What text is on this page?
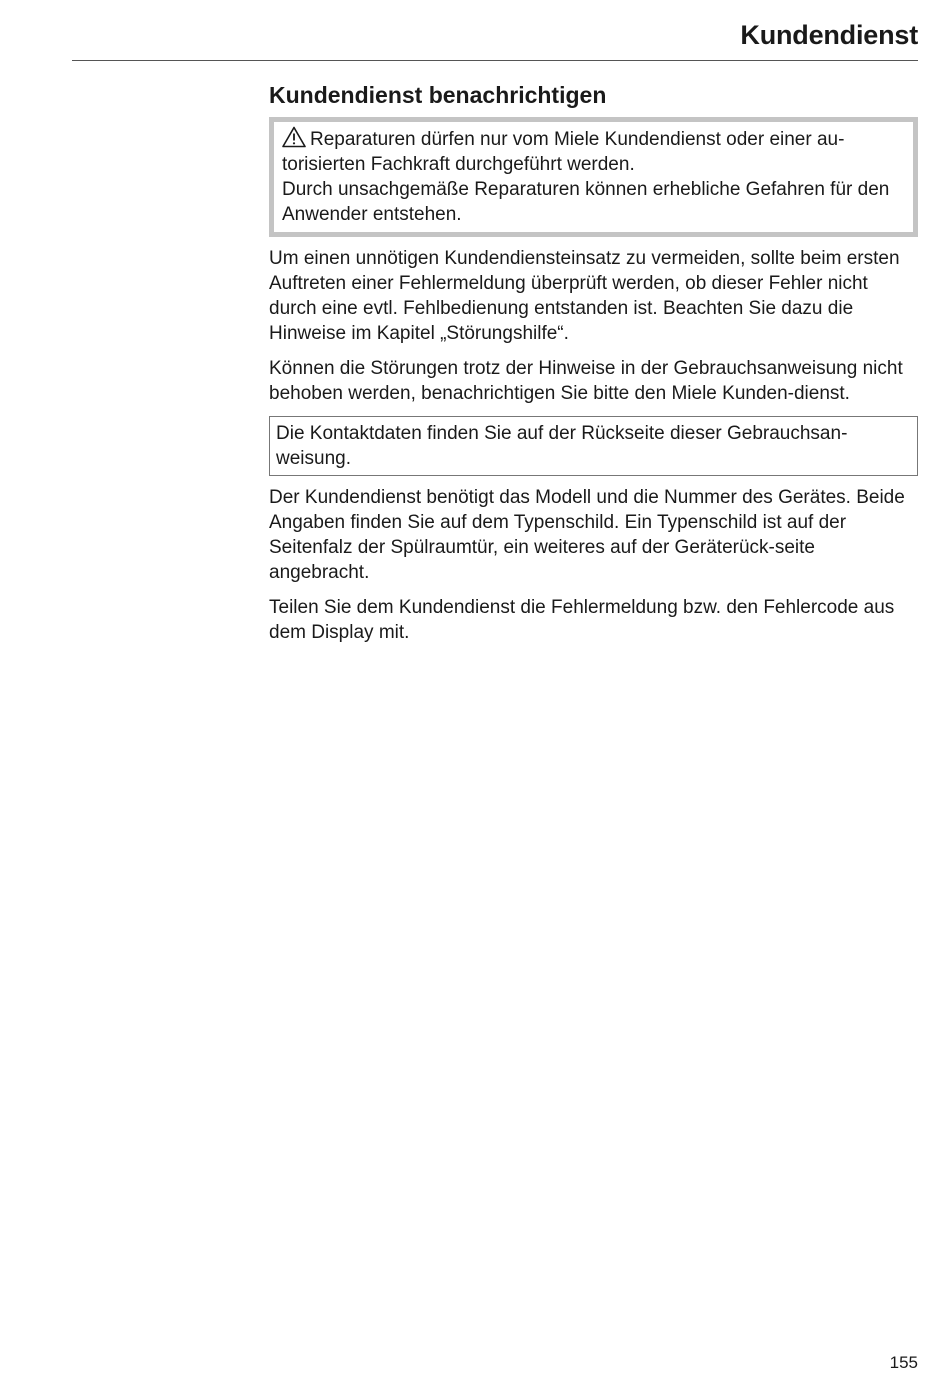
Kundendienst
Kundendienst benachrichtigen

Reparaturen dürfen nur vom Miele Kundendienst oder einer au-torisierten Fachkraft durchgeführt werden.

Durch unsachgemäße Reparaturen können erhebliche Gefahren für den Anwender entstehen.

Um einen unnötigen Kundendiensteinsatz zu vermeiden, sollte beim ersten Auftreten einer Fehlermeldung überprüft werden, ob dieser Fehler nicht durch eine evtl. Fehlbedienung entstanden ist. Beachten Sie dazu die Hinweise im Kapitel „Störungshilfe“.

Können die Störungen trotz der Hinweise in der Gebrauchsanweisung nicht behoben werden, benachrichtigen Sie bitte den Miele Kunden-dienst.

Die Kontaktdaten finden Sie auf der Rückseite dieser Gebrauchsan-weisung.

Der Kundendienst benötigt das Modell und die Nummer des Gerätes. Beide Angaben finden Sie auf dem Typenschild. Ein Typenschild ist auf der Seitenfalz der Spülraumtür, ein weiteres auf der Geräterück-seite angebracht.

Teilen Sie dem Kundendienst die Fehlermeldung bzw. den Fehlercode aus dem Display mit.

155
